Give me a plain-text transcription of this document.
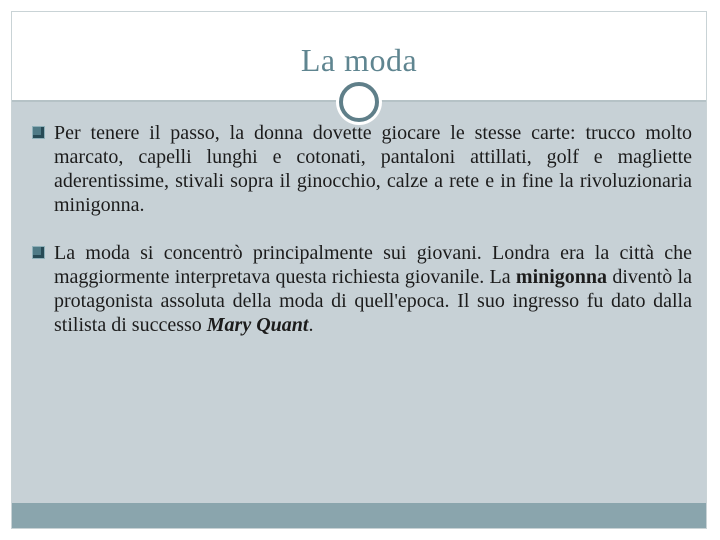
La moda
Per tenere il passo, la donna dovette giocare le stesse carte: trucco molto marcato, capelli lunghi e cotonati, pantaloni attillati, golf e magliette aderentissime, stivali sopra il ginocchio, calze a rete e in fine la rivoluzionaria minigonna.
La moda si concentrò principalmente sui giovani. Londra era la città che maggiormente interpretava questa richiesta giovanile. La minigonna diventò la protagonista assoluta della moda di quell'epoca. Il suo ingresso fu dato dalla stilista di successo Mary Quant.
